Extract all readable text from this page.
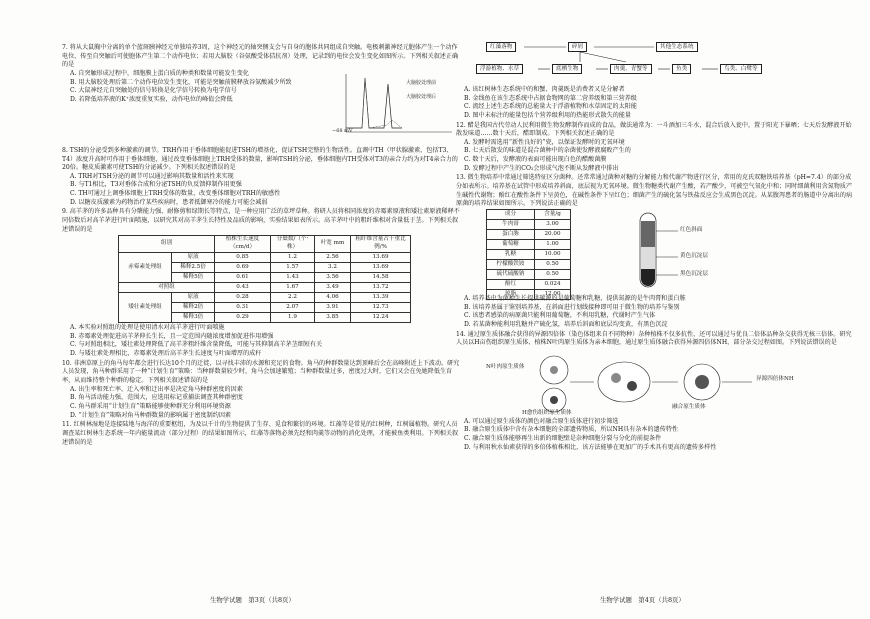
7. 将从大鼠胸中分离的单个蓝斑胰神经元单独培养3周，这个神经元的轴突侧支会与自身的胞体共同组成自突触。电极刺激神经元胞体产生一个动作电位，传至自突触后可使胞体产生第二个动作电位；若用大脑胶（谷氨酸受体拮抗剂）处理，记录到的电位会发生变化如图所示。下列相关叙述正确的是
A. 自突触形成过程中，细胞膜上蛋白质的种类和数量可能发生变化
B. 用大脑胶处理后第二个动作电位发生变化，可能是突触前膜释放谷氨酸减少所致
C. 大鼠神经元自突触处的信号转换是化学信号转换为电学信号
D. 若降低培养液的K⁺浓度重复实验，动作电位的峰值会降低
大脑胶处理前
大脑胶处理后
−68 mV
8. TSH的分泌受到多种激素的调节。TRH作用于垂体细胞能促进TSH的增基化，促证TSH完整的生物活性。直调中TH（甲状腺激素，包括T3、T4）浓度升高时可作用于垂体细胞，通过改变垂体细胞上TRH受体的数量，影响TSH的分泌，垂体细胞内TH受体对T3的亲合力约为对T4亲合力的20倍。糖皮质激素可使TSH的分泌减少。下列相关叙述错误的是
A. TRH对TSH分泌的调节可以通过影响其数量和活性来实现
B. 与T1相比，T3对垂体合成和分泌TSH的负反馈抑制作用更强
C. TH可通过上调垂体细胞上TRH受体的数量，改变垂体细胞对TRH的敏感性
D. 以糖皮质激素为药物治疗某些疾病时，患者抵御寒冷的能力可能会减弱
9. 高羊茅的许多品种具有分蘖能力强、耐修剪和绿期长等特点，是一种应用广泛的草坪草种。将研人员将相同浓度的赤霉素原液和矮壮素原液稀释不同倍数后对高羊茅进行叶面喷施，以研究其对高羊茅生长特性及品质的影响，实验结果如表所示。高羊茅叶中的粗纤维相对含量低于茎。下列相关叙述错误的是
组别		植株生长速度（cm/d）	分蘖数/（个·株）	叶宽 mm	粗纤维含量占干重比例/%
赤霉素处理组	原液	0.85	1.2	2.56	13.69
	稀释2.5倍	0.69	1.57	3.2	13.69
	稀释5倍	0.61	1.43	3.56	14.58
对照组		0.43	1.67	3.49	13.72
矮壮素处理组	原液	0.28	2.2	4.06	13.39
	稀释2倍	0.31	2.07	3.91	12.73
	稀释3倍	0.29	1.9	3.85	12.24
A. 本实验对照组的处理是使用清水对高羊茅进行叶面喷施
B. 赤霉素处理促进高羊茅伸长生长，且一定范围内随浓度增加促进作用增强
C. 与对照组相比，矮壮素处理降低了高羊茅粗纤维含量降低，可能与其抑制高羊茅茎细短有关
D. 与矮壮素处理相比，赤霉素处理后高羊茅生长速度与叶面增厚的成秆
10. 非洲草原上的角马每年都会进行长达10个月的迁徙，以寻找丰沛的水源和充足的食物。角马的种群数量达到顶峰后会在高峰附近上下波动。研究人员发现，角马种群采用了一种“计划生育”策略：当种群数量较少时，角马会加速繁殖；当种群数量过多，密度过大时，它们又会在免她降低生育率，从而维持整个种群的稳定。下列相关叙述错误的是
A. 出生率和死亡率、迁入率和迁出率是决定角马种群密度的因素
B. 角马活动能力强，范围大，应选用标记重捕法调查其种群密度
C. 角马群采用“计划生育”策略能够使种群充分利用环境资源
D. “计划生育”策略对角马种群数量的影响属于密度制约因素
11. 红树林湿地是连接陆地与海洋的重要枢纽，为及以千计的生物提供了生存、觅食和繁衍的环境。红藻等是常见的红树种，红树属植物。研究人员调查某红树林生态系统一年内能量流动（部分过程）的结果如图所示，红藻等落物必须先经和肉羹等动物的消化处理，才能被鱼类利用。下列相关叙述错误的是
生物学试题　第3页（共8页）
红藻落物	碎屑	其他生态系统
浮游植物、水草	底栖生物	肉羹、青蟹等	鱼类	鸟类、白鹭等
A. 该红树林生态系统中的和蟹、肉羹既是消费者又是分解者
B. 金线鱼在该生态系统中占据食物网的第二营养级和第三营养级
C. 流经上述生态系统的总能量大于浮游植物和水草固定的太阳能
D. 图中未标注的能量包括个营养级利用的热能形式散失的能量
12. 醋是我国古代劳动人民利用微生物发酵制作而成的食品，做法通常为：一斗酒加三斗水，混合后放入瓮中，置于阳光下暴晒；七天后发酵液开始散发味道……数十天后，醋即制成。下列相关叙述正确的是
A. 发酵时需选用“新性良好的”瓷，以保证发酵时的无氧环境
B. 七天后散发的味道是混合菌种中的杂菌使发酵液腐败产生的
C. 数十天后，发酵液的表面可能出现白色的醋酸菌膜
D. 发酵过程中产生的CO₂会形成气泡不断从发酵液中排出
13. 微生物培养中常通过筛选特征区分菌种。还常常通过菌种对糖的分解能力和代谢产物进行区分，常用的克氏双糖铁培养基（pH=7.4）的部分成分如表所示。培养基在试管中形成培养斜面，底层视为无氧环境。微生物糖类代谢产生酸，若产酸少，可被空气氧化中和；同时细菌利用含氮物质产生碱性代谢物；酚红在酸性条件下呈黄色，在碱性条件下呈红色；细菌产生的硫化氢与铁盐反应会生成黑色沉淀。从某腹泻患者的肠道中分离出的病原菌的培养结果如图所示。下列说法正确的是
成分	含量/g
牛肉膏	3.00
蛋白胨	20.00
葡萄糖	1.00
乳糖	10.00
柠檬酸铁铵	0.50
硫代硫酸钠	0.50
酚红	0.024
琼脂	12.00
红色斜面
黄色沉淀层
黑色沉淀层
A. 培养基中为菌种生长提供碳源的是葡萄糖和乳糖，提供氮源的是牛肉膏和蛋白胨
B. 该培养基属于鉴别培养基，在斜面进行划线接种即可用于微生物的培养与鉴别
C. 该患者感染的病原菌只能利用葡萄糖，不利用乳糖，代谢时产生气体
D. 若某菌种能利用乳糖并产硫化氢，培养后斜面和底层均变黄，有黑色沉淀
14. 通过原生质体融合获得的异源四倍体（染色体组来自不同物种）杂种植株不仅多抗性，还可以通过与优良二倍体品种杂交获得无核三倍体。研究人员以H亩伤组织原生质体、植株N叶肉原生质体为亲本细胞，通过原生质体融合获得异源四倍体NH，部分杂交过程如图。下列说法错误的是
N叶肉原生质体
H愈伤组织原生质体
融合原生质体
异源四倍体NH
A. 可以通过原生质体的颜色对融合原生质体进行初步筛选
B. 融合原生质体中含有杂本细胞的全部遗传物质，所以NH具有杂本的遗传特性
C. 融合原生质体能够再生出新的细胞壁是杂种细胞分裂与分化的前提条件
D. 与利用秋水仙素获得的多倍体植株相比，该方法能够在更加广的手术具有更高的遗传多样性
生物学试题　第4页（共8页）
